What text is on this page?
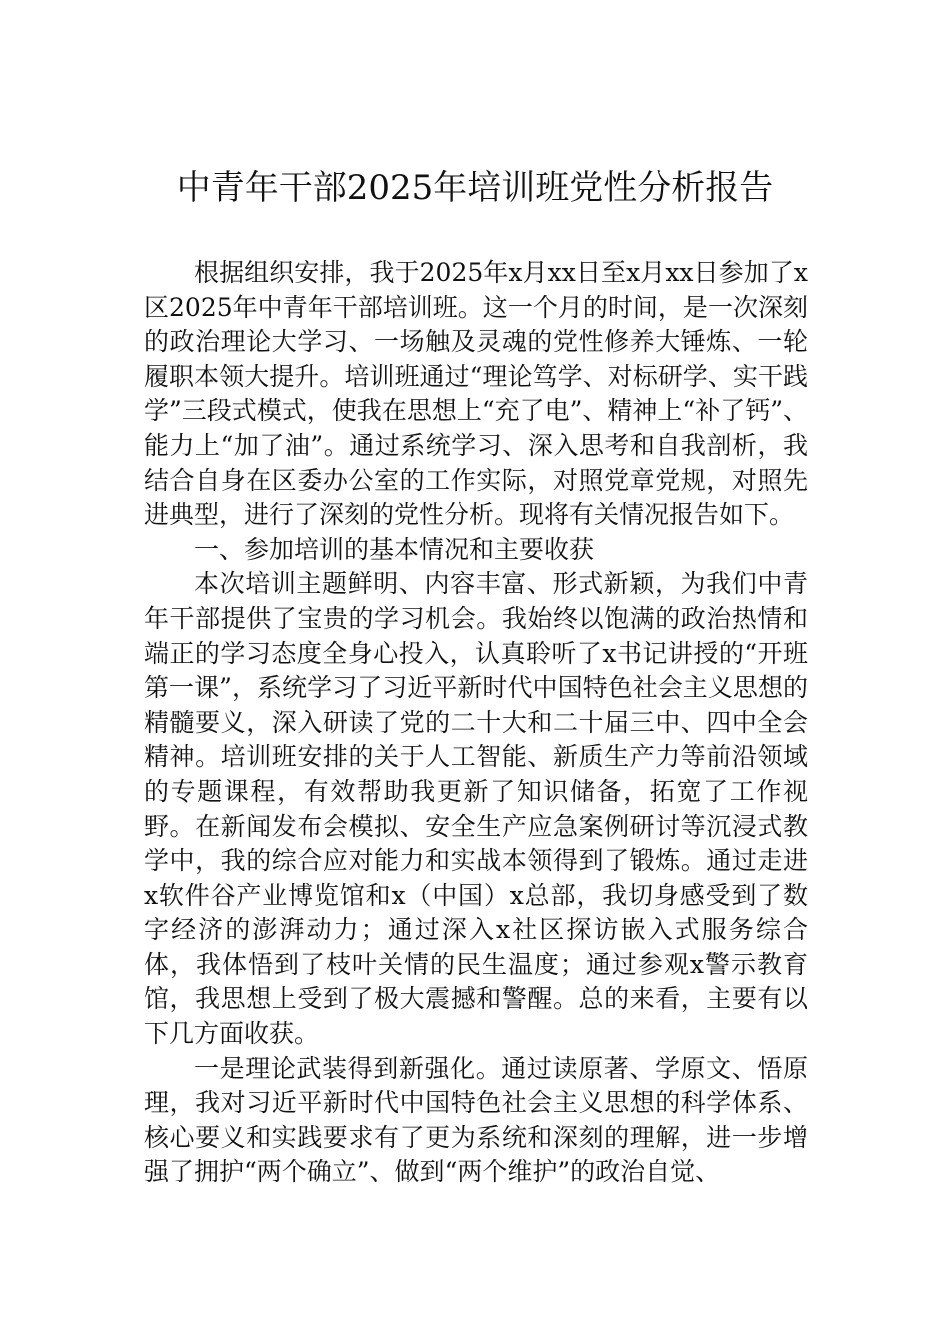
中青年干部2025年培训班党性分析报告

根据组织安排，我于2025年x月xx日至x月xx日参加了x区2025年中青年干部培训班。这一个月的时间，是一次深刻的政治理论大学习、一场触及灵魂的党性修养大锤炼、一轮履职本领大提升。培训班通过“理论笃学、对标研学、实干践学”三段式模式，使我在思想上“充了电”、精神上“补了钙”、能力上“加了油”。通过系统学习、深入思考和自我剖析，我结合自身在区委办公室的工作实际，对照党章党规，对照先进典型，进行了深刻的党性分析。现将有关情况报告如下。

一、参加培训的基本情况和主要收获

本次培训主题鲜明、内容丰富、形式新颖，为我们中青年干部提供了宝贵的学习机会。我始终以饱满的政治热情和端正的学习态度全身心投入，认真聆听了x书记讲授的“开班第一课”，系统学习了习近平新时代中国特色社会主义思想的精髓要义，深入研读了党的二十大和二十届三中、四中全会精神。培训班安排的关于人工智能、新质生产力等前沿领域的专题课程，有效帮助我更新了知识储备，拓宽了工作视野。在新闻发布会模拟、安全生产应急案例研讨等沉浸式教学中，我的综合应对能力和实战本领得到了锻炼。通过走进x软件谷产业博览馆和x（中国）x总部，我切身感受到了数字经济的澎湃动力；通过深入x社区探访嵌入式服务综合体，我体悟到了枝叶关情的民生温度；通过参观x警示教育馆，我思想上受到了极大震撼和警醒。总的来看，主要有以下几方面收获。

一是理论武装得到新强化。通过读原著、学原文、悟原理，我对习近平新时代中国特色社会主义思想的科学体系、核心要义和实践要求有了更为系统和深刻的理解，进一步增强了拥护“两个确立”、做到“两个维护”的政治自觉、
